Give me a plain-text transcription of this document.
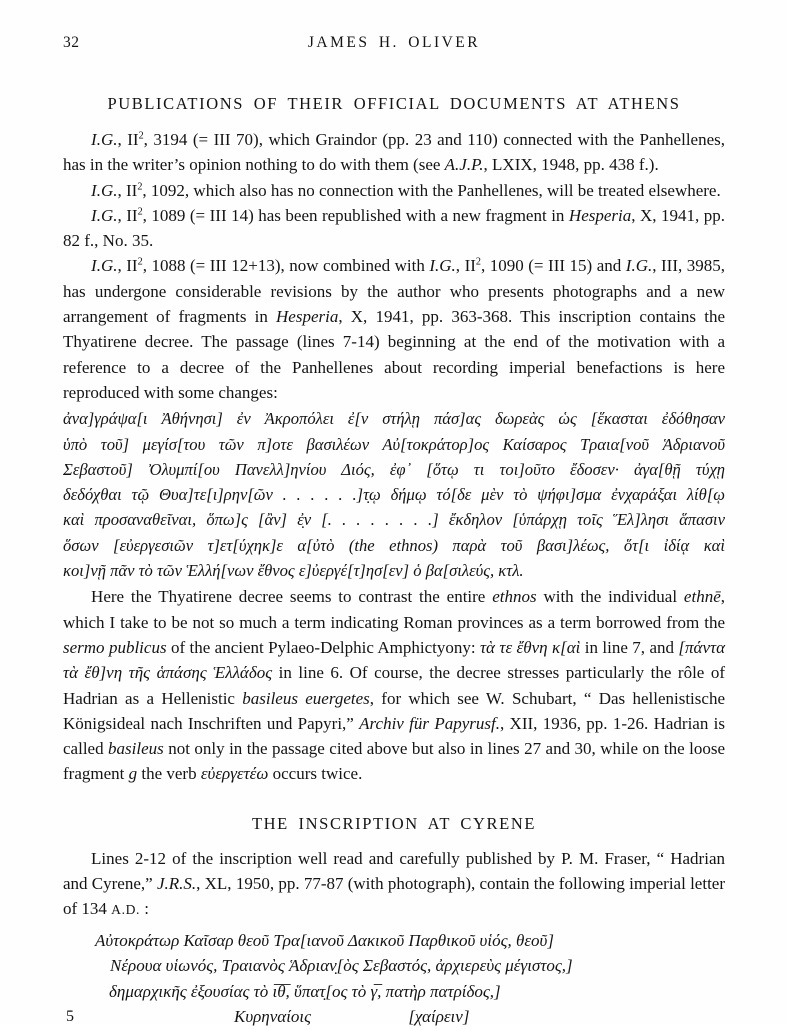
32	JAMES H. OLIVER
PUBLICATIONS OF THEIR OFFICIAL DOCUMENTS AT ATHENS

I.G., $II^2$, 3194 (= III 70), which Graindor (pp. 23 and 110) connected with the Panhellenes, has in the writer’s opinion nothing to do with them (see A.J.P., LXIX, 1948, pp. 438 f.).

I.G., $II^2$, 1092, which also has no connection with the Panhellenes, will be treated elsewhere.

I.G., $II^2$, 1089 (= III 14) has been republished with a new fragment in Hesperia, X, 1941, pp. 82 f., No. 35.

I.G., $II^2$, 1088 (= III 12+13), now combined with I.G., $II^2$, 1090 (= III 15) and I.G., III, 3985, has undergone considerable revisions by the author who presents photographs and a new arrangement of fragments in Hesperia, X, 1941, pp. 363-368. This inscription contains the Thyatirene decree. The passage (lines 7-14) beginning at the end of the motivation with a reference to a decree of the Panhellenes about recording imperial benefactions is here reproduced with some changes:

ἀνα]γράψα[ι Ἀθήνησι] ἐν Ἀκροπόλει ἐ[ν στήλῃ πάσ]ας δωρεὰς ὡς [ἕκασται ἐδόθησαν
ὑπὸ τοῦ] μεγίσ[του τῶν π]οτε βασιλέων Αὐ[τοκράτορ]ος Καίσαρος Τραια[νοῦ Ἁδριανοῦ
Σεβαστοῦ] Ὀλυμπί[ου Πανελλ]ηνίου Διός, ἐφ᾽ [ὅτῳ τι τοι]οῦτο ἔδοσεν· ἀγα[θῇ τύχῃ
δεδόχθαι τῷ Θυα]τε[ι]ρην[ῶν . . . . . .]τ̣ῳ δήμῳ τό[δε μὲν τὸ ψήφι]σμα ἐνχαράξαι λίθ[ῳ
καὶ προσαναθεῖναι, ὅπω]ς [ἂν] ἐ̣ν [. . . . . . . .] ἔκδηλον [ὑπάρχῃ τοῖς Ἕλ]λησι ἅπασιν
ὅσων [εὐεργεσιῶν τ]ετ[ύχηκ]ε α[ὐτὸ (the ethnos) παρὰ τοῦ βασι]λέως, ὅτ[ι ἰδίᾳ καὶ
κοι]νῇ πᾶν τὸ τῶν Ἑλλή[νων ἔθνος ε]ὐεργέ[τ]ησ[εν] ὁ βα[σιλεύς, κτλ.

Here the Thyatirene decree seems to contrast the entire ethnos with the individual ethnē, which I take to be not so much a term indicating Roman provinces as a term borrowed from the sermo publicus of the ancient Pylaeo-Delphic Amphictyony: τὰ τε ἔθνη κ[αὶ in line 7, and [πάντα τὰ ἔθ]νη τῆς ἁπάσης Ἑλλάδος in line 6. Of course, the decree stresses particularly the rôle of Hadrian as a Hellenistic basileus euergetes, for which see W. Schubart, “ Das hellenistische Königsideal nach Inschriften und Papyri,” Archiv für Papyrusf., XII, 1936, pp. 1-26. Hadrian is called basileus not only in the passage cited above but also in lines 27 and 30, while on the loose fragment g the verb εὐεργετέω occurs twice.

THE INSCRIPTION AT CYRENE

Lines 2-12 of the inscription well read and carefully published by P. M. Fraser, “ Hadrian and Cyrene,” J.R.S., XL, 1950, pp. 77-87 (with photograph), contain the following imperial letter of 134 A.D. :

Αὐτοκράτωρ Καῖσαρ θεοῦ Τρα[ιανοῦ Δακικοῦ Παρθικοῦ υἱός, θεοῦ]
Νέρουα υἱωνός, Τραιανὸς Ἁδριαν̣[ὸς Σεβαστός, ἀρχιερεὺς μέγιστος,]
δημαρχικῆς ἐξουσίας τὸ ι̅θ̅, ὕπατ̣[ος τὸ γ̅, πατὴρ πατρίδος,]
5	Κυρηναίοις	[χαίρειν]
